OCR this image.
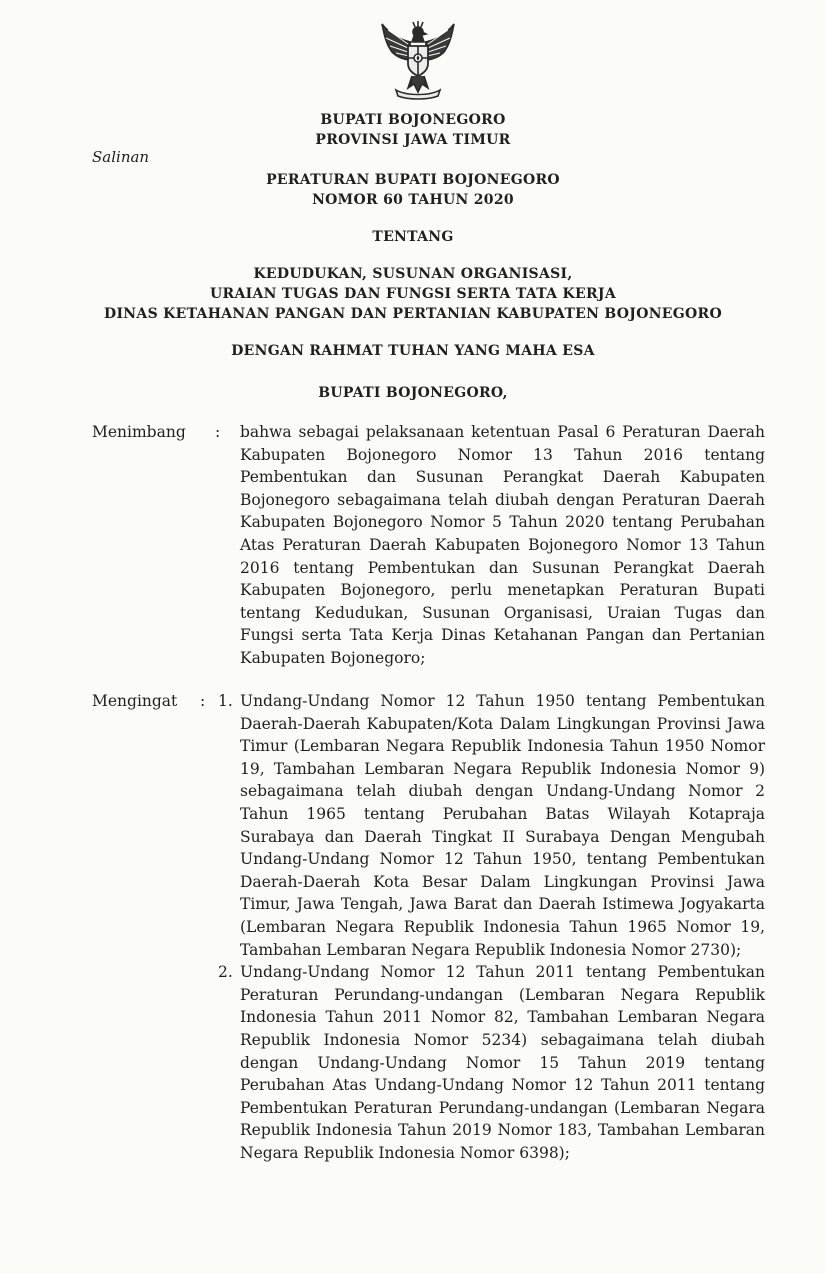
BUPATI BOJONEGORO
PROVINSI JAWA TIMUR
Salinan
PERATURAN BUPATI BOJONEGORO
NOMOR 60 TAHUN 2020
TENTANG
KEDUDUKAN, SUSUNAN ORGANISASI,
URAIAN TUGAS DAN FUNGSI SERTA TATA KERJA
DINAS KETAHANAN PANGAN DAN PERTANIAN KABUPATEN BOJONEGORO
DENGAN RAHMAT TUHAN YANG MAHA ESA
BUPATI BOJONEGORO,
Menimbang : bahwa sebagai pelaksanaan ketentuan Pasal 6 Peraturan Daerah Kabupaten Bojonegoro Nomor 13 Tahun 2016 tentang Pembentukan dan Susunan Perangkat Daerah Kabupaten Bojonegoro sebagaimana telah diubah dengan Peraturan Daerah Kabupaten Bojonegoro Nomor 5 Tahun 2020 tentang Perubahan Atas Peraturan Daerah Kabupaten Bojonegoro Nomor 13 Tahun 2016 tentang Pembentukan dan Susunan Perangkat Daerah Kabupaten Bojonegoro, perlu menetapkan Peraturan Bupati tentang Kedudukan, Susunan Organisasi, Uraian Tugas dan Fungsi serta Tata Kerja Dinas Ketahanan Pangan dan Pertanian Kabupaten Bojonegoro;

Mengingat : 1. Undang-Undang Nomor 12 Tahun 1950 tentang Pembentukan Daerah-Daerah Kabupaten/Kota Dalam Lingkungan Provinsi Jawa Timur (Lembaran Negara Republik Indonesia Tahun 1950 Nomor 19, Tambahan Lembaran Negara Republik Indonesia Nomor 9) sebagaimana telah diubah dengan Undang-Undang Nomor 2 Tahun 1965 tentang Perubahan Batas Wilayah Kotapraja Surabaya dan Daerah Tingkat II Surabaya Dengan Mengubah Undang-Undang Nomor 12 Tahun 1950, tentang Pembentukan Daerah-Daerah Kota Besar Dalam Lingkungan Provinsi Jawa Timur, Jawa Tengah, Jawa Barat dan Daerah Istimewa Jogyakarta (Lembaran Negara Republik Indonesia Tahun 1965 Nomor 19, Tambahan Lembaran Negara Republik Indonesia Nomor 2730);
2. Undang-Undang Nomor 12 Tahun 2011 tentang Pembentukan Peraturan Perundang-undangan (Lembaran Negara Republik Indonesia Tahun 2011 Nomor 82, Tambahan Lembaran Negara Republik Indonesia Nomor 5234) sebagaimana telah diubah dengan Undang-Undang Nomor 15 Tahun 2019 tentang Perubahan Atas Undang-Undang Nomor 12 Tahun 2011 tentang Pembentukan Peraturan Perundang-undangan (Lembaran Negara Republik Indonesia Tahun 2019 Nomor 183, Tambahan Lembaran Negara Republik Indonesia Nomor 6398);
